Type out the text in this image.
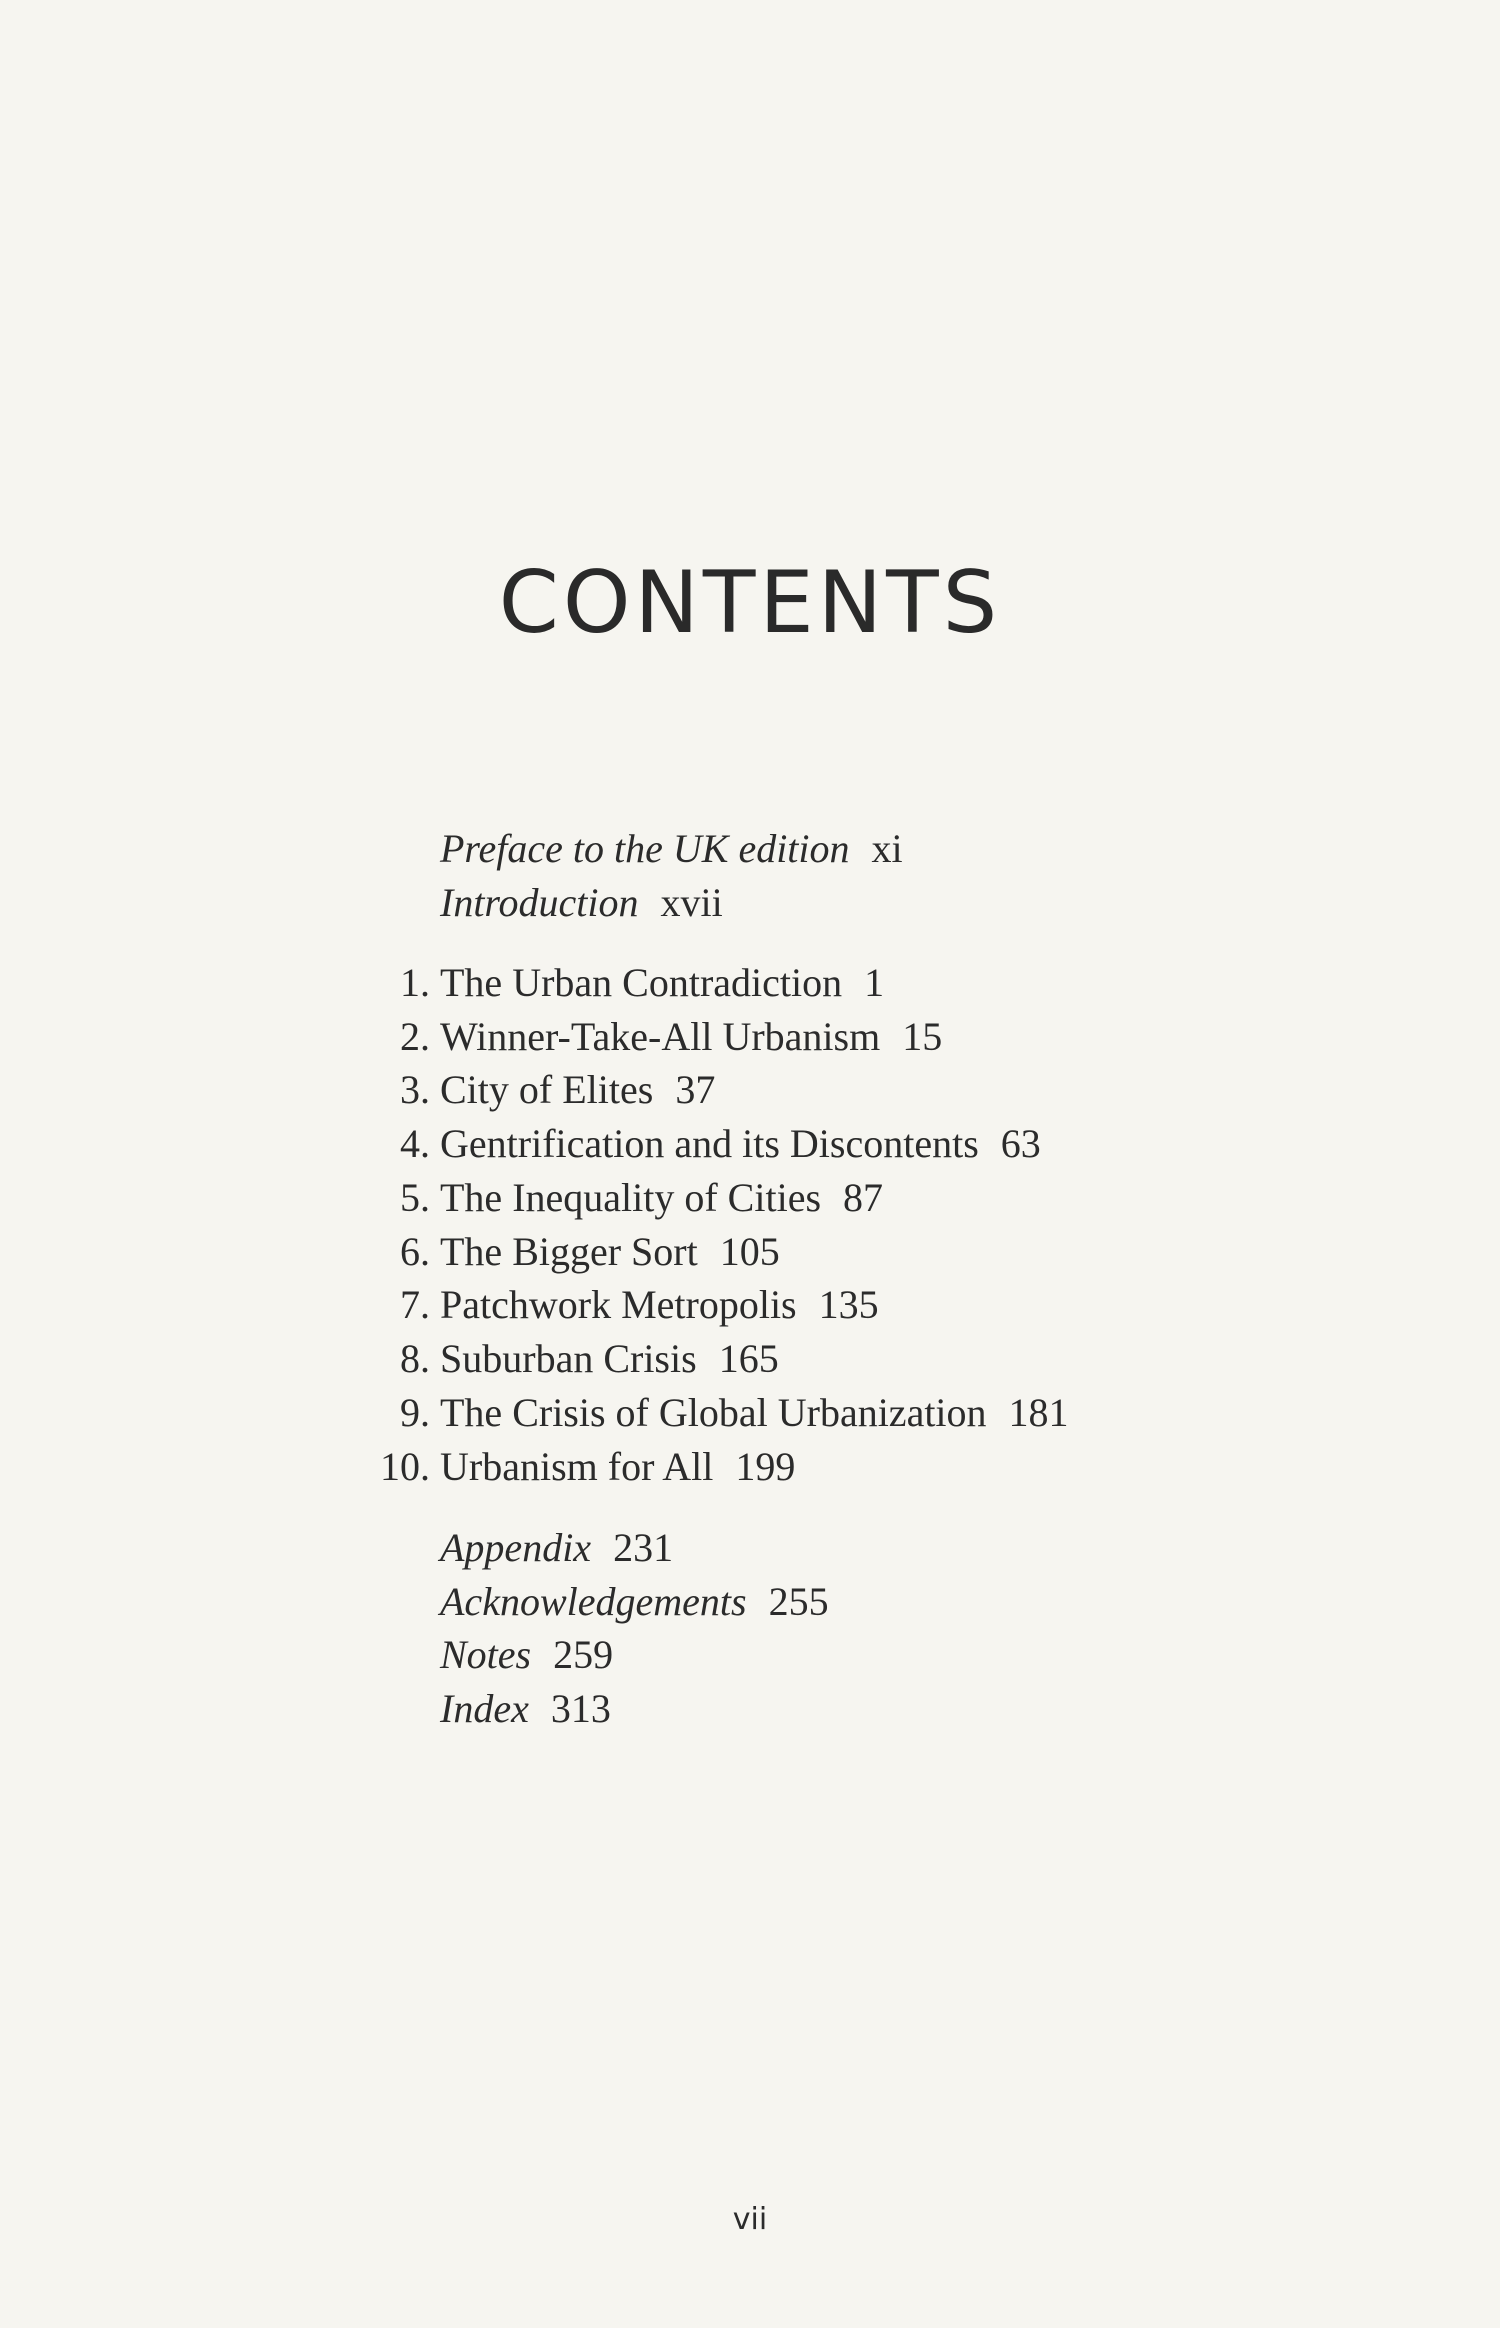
CONTENTS
Preface to the UK edition xi
Introduction xvii
1. The Urban Contradiction 1
2. Winner-Take-All Urbanism 15
3. City of Elites 37
4. Gentrification and its Discontents 63
5. The Inequality of Cities 87
6. The Bigger Sort 105
7. Patchwork Metropolis 135
8. Suburban Crisis 165
9. The Crisis of Global Urbanization 181
10. Urbanism for All 199
Appendix 231
Acknowledgements 255
Notes 259
Index 313
vii
